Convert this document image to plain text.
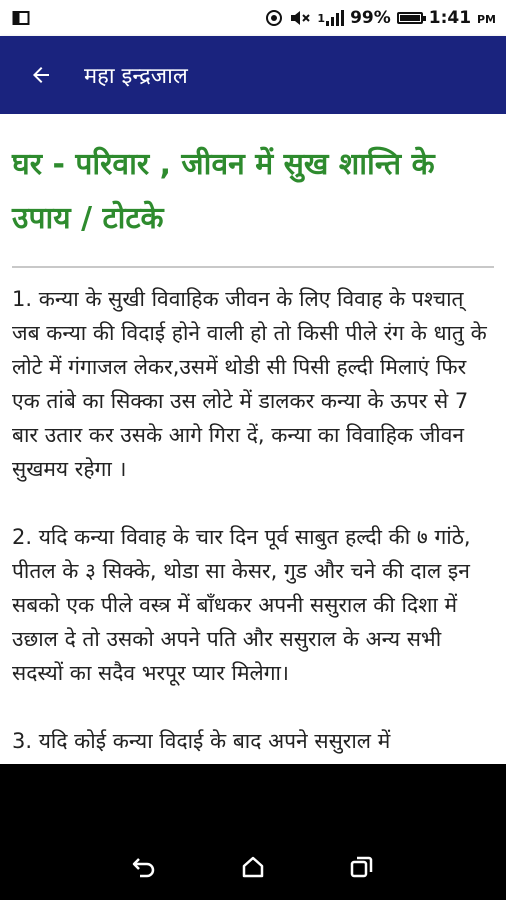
1 99% 1:41 PM
महा इन्द्रजाल
घर - परिवार , जीवन में सुख शान्ति के उपाय / टोटके

1. कन्या के सुखी विवाहिक जीवन के लिए विवाह के पश्चात् जब कन्या की विदाई होने वाली हो तो किसी पीले रंग के धातु के लोटे में गंगाजल लेकर,उसमें थोडी सी पिसी हल्दी मिलाएं फिर एक तांबे का सिक्का उस लोटे में डालकर कन्या के ऊपर से 7 बार उतार कर उसके आगे गिरा दें, कन्या का विवाहिक जीवन सुखमय रहेगा ।

2. यदि कन्या विवाह के चार दिन पूर्व साबुत हल्दी की ७ गांठे, पीतल के ३ सिक्के, थोडा सा केसर, गुड और चने की दाल इन सबको एक पीले वस्त्र में बाँधकर अपनी ससुराल की दिशा में उछाल दे तो उसको अपने पति और ससुराल के अन्य सभी सदस्यों का सदैव भरपूर प्यार मिलेगा।

3. यदि कोई कन्या विदाई के बाद अपने ससुराल में
